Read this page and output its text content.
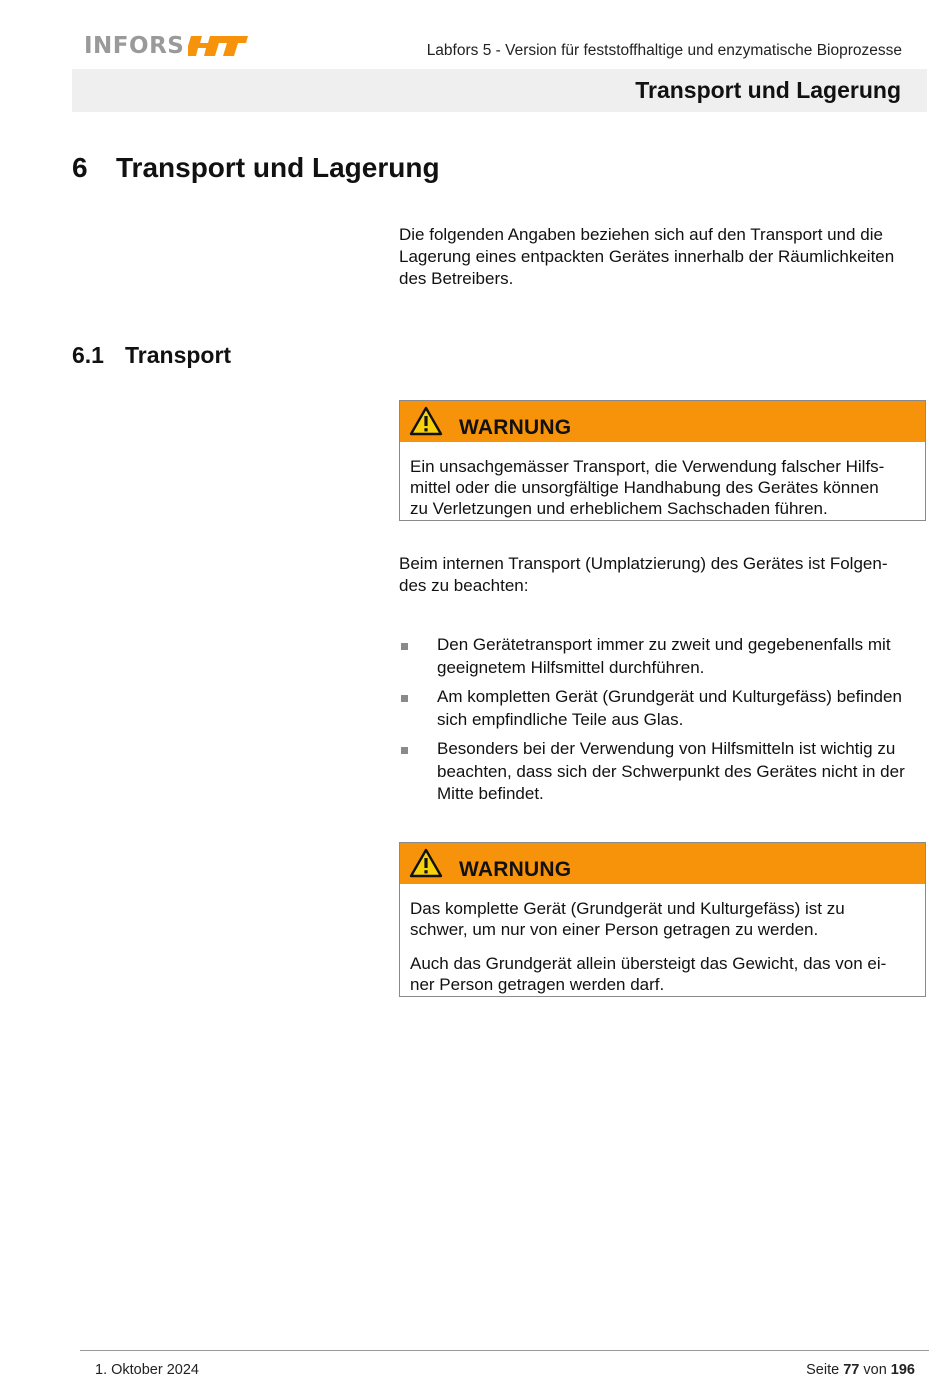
INFORS	Labfors 5 - Version für feststoffhaltige und enzymatische Bioprozesse
Transport und Lagerung
6	Transport und Lagerung

Die folgenden Angaben beziehen sich auf den Transport und die
Lagerung eines entpackten Gerätes innerhalb der Räumlichkeiten
des Betreibers.

6.1 Transport
WARNUNG

Ein unsachgemässer Transport, die Verwendung falscher Hilfs-
mittel oder die unsorgfältige Handhabung des Gerätes können
zu Verletzungen und erheblichem Sachschaden führen.

Beim internen Transport (Umplatzierung) des Gerätes ist Folgen-
des zu beachten:

Den Gerätetransport immer zu zweit und gegebenenfalls mit
geeignetem Hilfsmittel durchführen.
Am kompletten Gerät (Grundgerät und Kulturgefäss) befinden
sich empfindliche Teile aus Glas.
Besonders bei der Verwendung von Hilfsmitteln ist wichtig zu
beachten, dass sich der Schwerpunkt des Gerätes nicht in der
Mitte befindet.
WARNUNG

Das komplette Gerät (Grundgerät und Kulturgefäss) ist zu
schwer, um nur von einer Person getragen zu werden.

Auch das Grundgerät allein übersteigt das Gewicht, das von ei-
ner Person getragen werden darf.

1. Oktober 2024	Seite 77 von 196
